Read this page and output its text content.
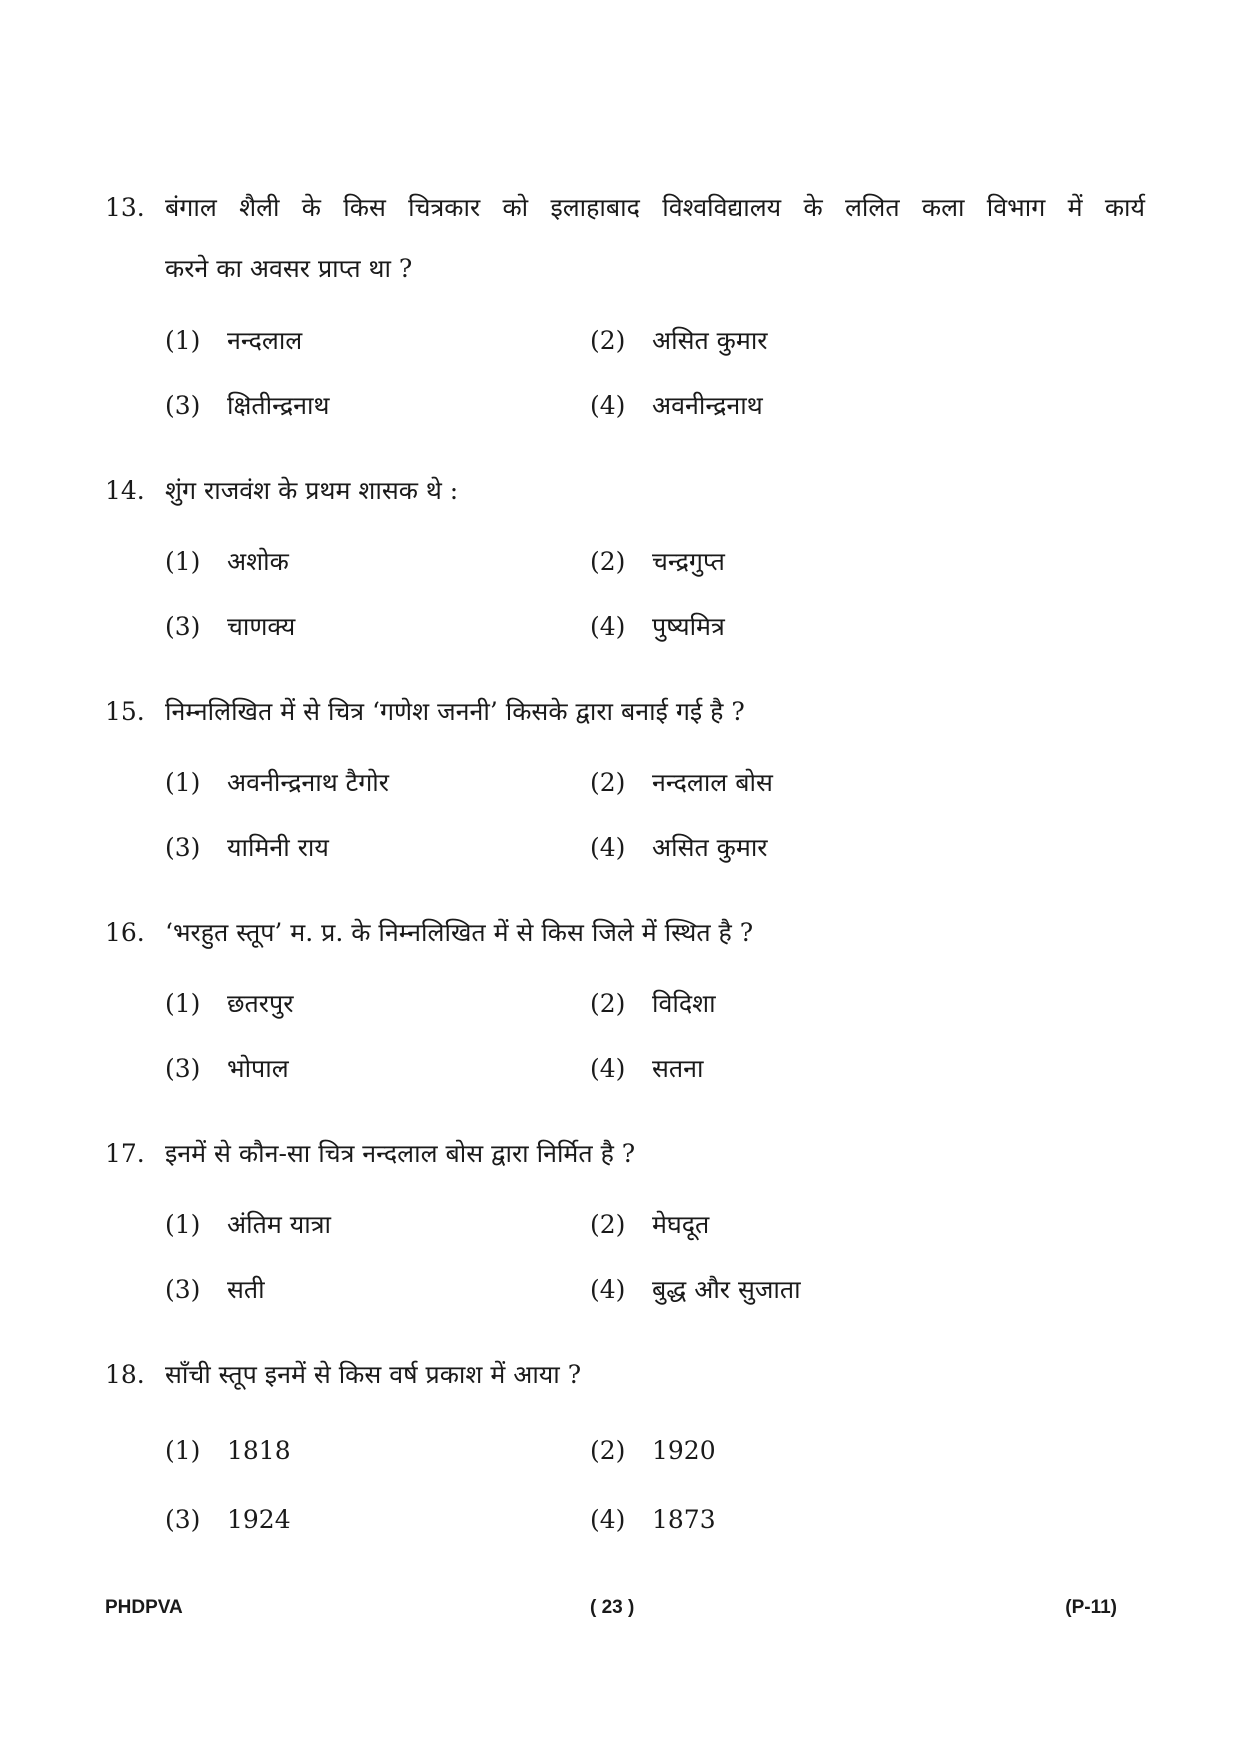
13. बंगाल शैली के किस चित्रकार को इलाहाबाद विश्वविद्यालय के ललित कला विभाग में कार्य
करने का अवसर प्राप्त था ?
(1) नन्दलाल	(2) असित कुमार
(3) क्षितीन्द्रनाथ	(4) अवनीन्द्रनाथ
14. शुंग राजवंश के प्रथम शासक थे :
(1) अशोक	(2) चन्द्रगुप्त
(3) चाणक्य	(4) पुष्यमित्र
15. निम्नलिखित में से चित्र ‘गणेश जननी’ किसके द्वारा बनाई गई है ?
(1) अवनीन्द्रनाथ टैगोर	(2) नन्दलाल बोस
(3) यामिनी राय	(4) असित कुमार
16. ‘भरहुत स्तूप’ म. प्र. के निम्नलिखित में से किस जिले में स्थित है ?
(1) छतरपुर	(2) विदिशा
(3) भोपाल	(4) सतना
17. इनमें से कौन-सा चित्र नन्दलाल बोस द्वारा निर्मित है ?
(1) अंतिम यात्रा	(2) मेघदूत
(3) सती	(4) बुद्ध और सुजाता
18. साँची स्तूप इनमें से किस वर्ष प्रकाश में आया ?
(1) 1818	(2) 1920
(3) 1924	(4) 1873
PHDPVA	( 23 )	(P-11)
